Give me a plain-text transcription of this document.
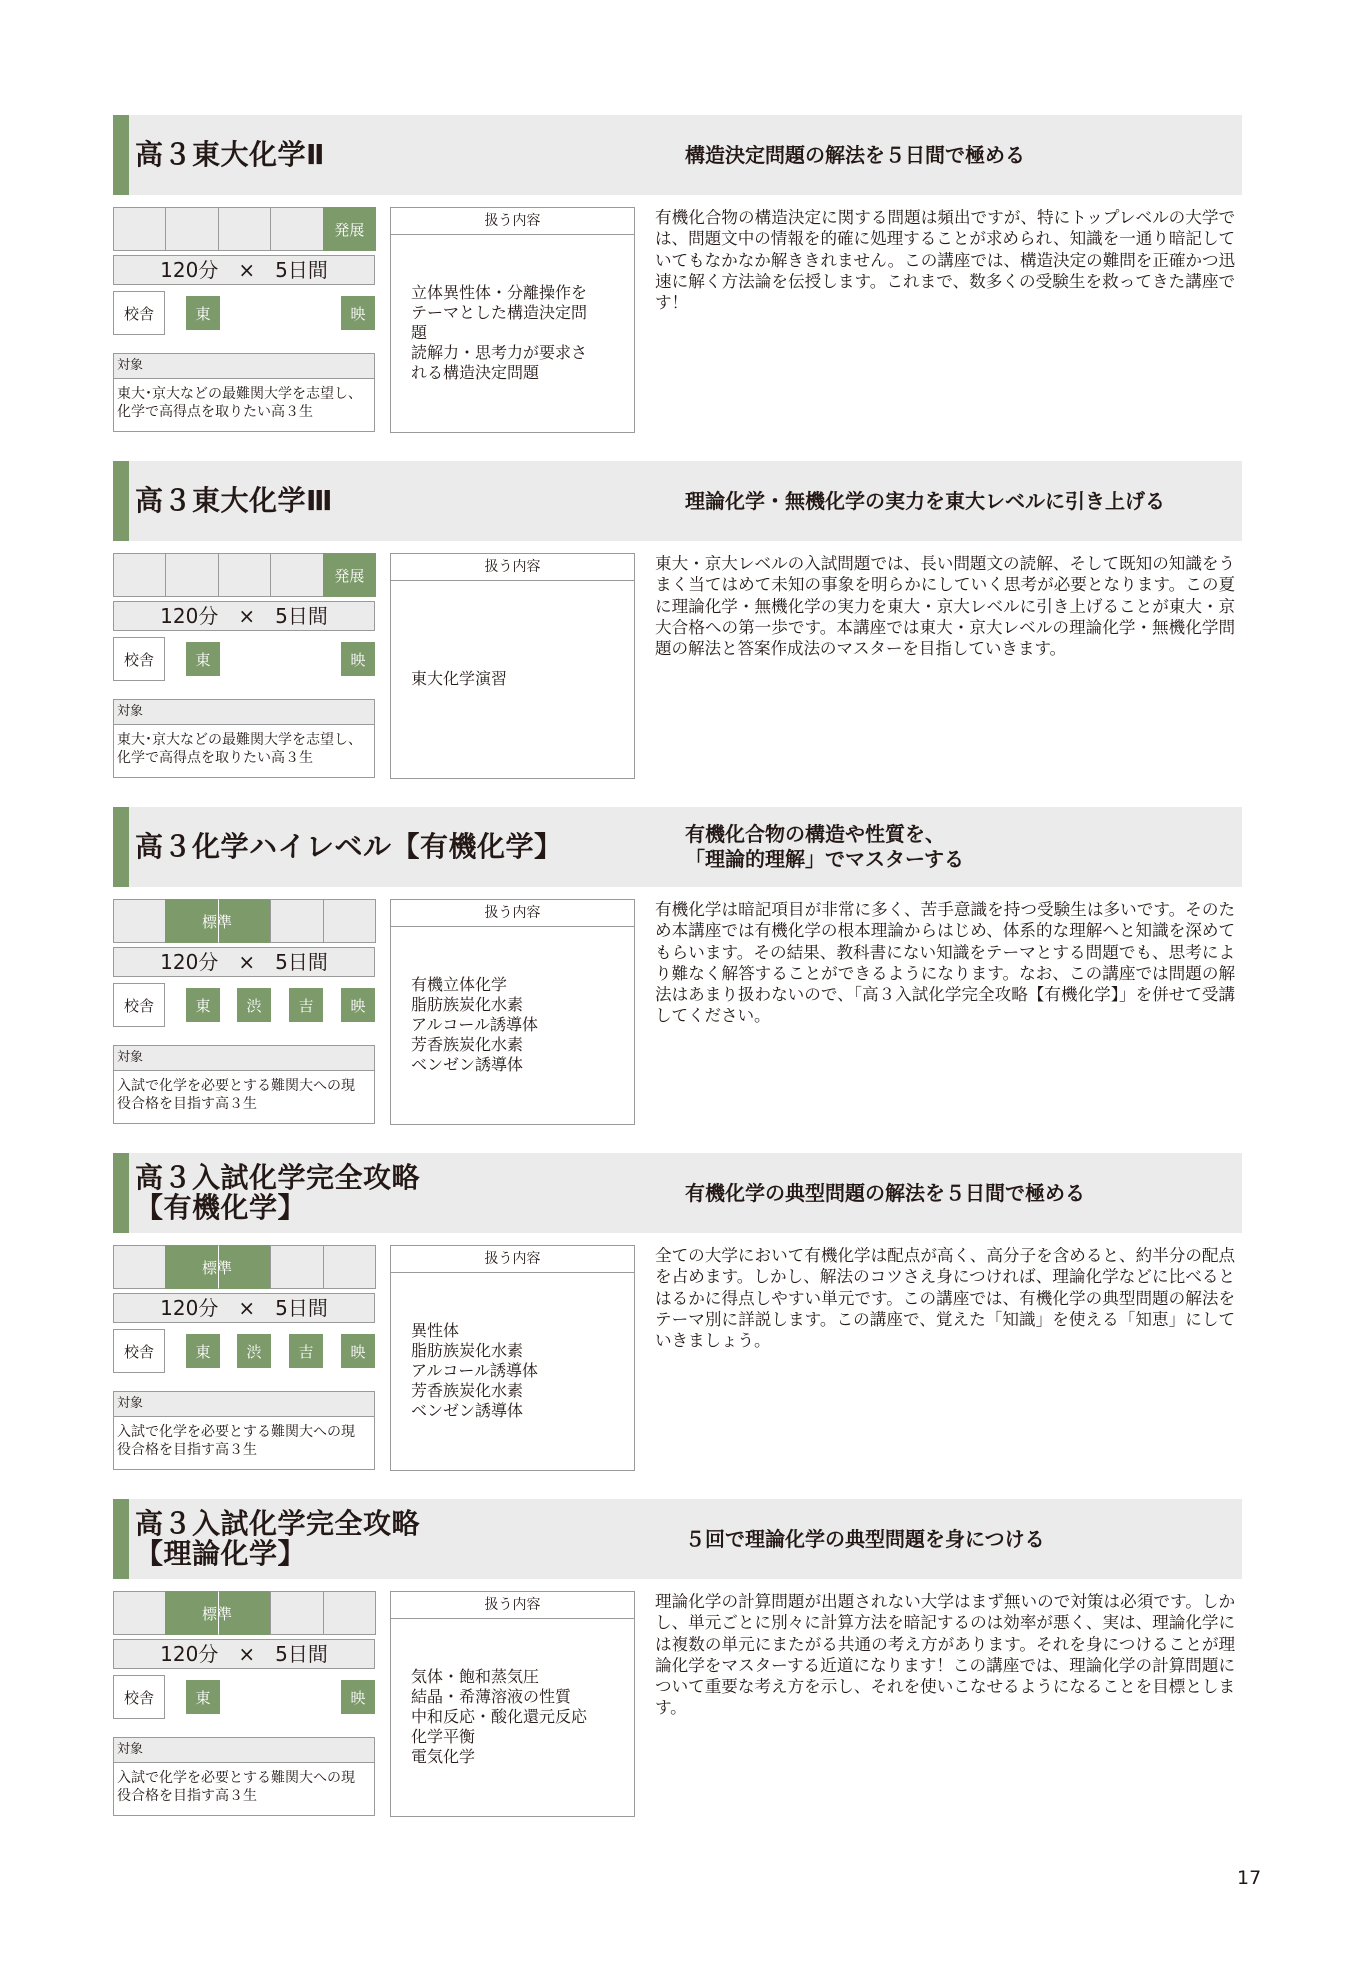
高３東大化学Ⅱ	構造決定問題の解法を５日間で極める
発展
120分　×　5日間
校舎	東	映
対象
東大･京大などの最難関大学を志望し、
化学で高得点を取りたい高３生
扱う内容
立体異性体・分離操作を
テーマとした構造決定問
題
読解力・思考力が要求さ
れる構造決定問題
有機化合物の構造決定に関する問題は頻出ですが、特にトップレベルの大学では、問題文中の情報を的確に処理することが求められ、知識を一通り暗記していてもなかなか解ききれません。この講座では、構造決定の難問を正確かつ迅速に解く方法論を伝授します。これまで、数多くの受験生を救ってきた講座です！
高３東大化学Ⅲ	理論化学・無機化学の実力を東大レベルに引き上げる
発展
120分　×　5日間
校舎	東	映
対象
東大･京大などの最難関大学を志望し、
化学で高得点を取りたい高３生
扱う内容
東大化学演習
東大・京大レベルの入試問題では、長い問題文の読解、そして既知の知識をうまく当てはめて未知の事象を明らかにしていく思考が必要となります。この夏に理論化学・無機化学の実力を東大・京大レベルに引き上げることが東大・京大合格への第一歩です。本講座では東大・京大レベルの理論化学・無機化学問題の解法と答案作成法のマスターを目指していきます。
高３化学ハイレベル【有機化学】	有機化合物の構造や性質を、
「理論的理解」でマスターする
標準
120分　×　5日間
校舎	東	渋	吉	映
対象
入試で化学を必要とする難関大への現
役合格を目指す高３生
扱う内容
有機立体化学
脂肪族炭化水素
アルコール誘導体
芳香族炭化水素
ベンゼン誘導体
有機化学は暗記項目が非常に多く、苦手意識を持つ受験生は多いです。そのため本講座では有機化学の根本理論からはじめ、体系的な理解へと知識を深めてもらいます。その結果、教科書にない知識をテーマとする問題でも、思考により難なく解答することができるようになります。なお、この講座では問題の解法はあまり扱わないので、「高３入試化学完全攻略【有機化学】」を併せて受講してください。
高３入試化学完全攻略
【有機化学】	有機化学の典型問題の解法を５日間で極める
標準
120分　×　5日間
校舎	東	渋	吉	映
対象
入試で化学を必要とする難関大への現
役合格を目指す高３生
扱う内容
異性体
脂肪族炭化水素
アルコール誘導体
芳香族炭化水素
ベンゼン誘導体
全ての大学において有機化学は配点が高く、高分子を含めると、約半分の配点を占めます。しかし、解法のコツさえ身につければ、理論化学などに比べるとはるかに得点しやすい単元です。この講座では、有機化学の典型問題の解法をテーマ別に詳説します。この講座で、覚えた「知識」を使える「知恵」にしていきましょう。
高３入試化学完全攻略
【理論化学】	５回で理論化学の典型問題を身につける
標準
120分　×　5日間
校舎	東	映
対象
入試で化学を必要とする難関大への現
役合格を目指す高３生
扱う内容
気体・飽和蒸気圧
結晶・希薄溶液の性質
中和反応・酸化還元反応
化学平衡
電気化学
理論化学の計算問題が出題されない大学はまず無いので対策は必須です。しかし、単元ごとに別々に計算方法を暗記するのは効率が悪く、実は、理論化学には複数の単元にまたがる共通の考え方があります。それを身につけることが理論化学をマスターする近道になります！この講座では、理論化学の計算問題について重要な考え方を示し、それを使いこなせるようになることを目標とします。
17
